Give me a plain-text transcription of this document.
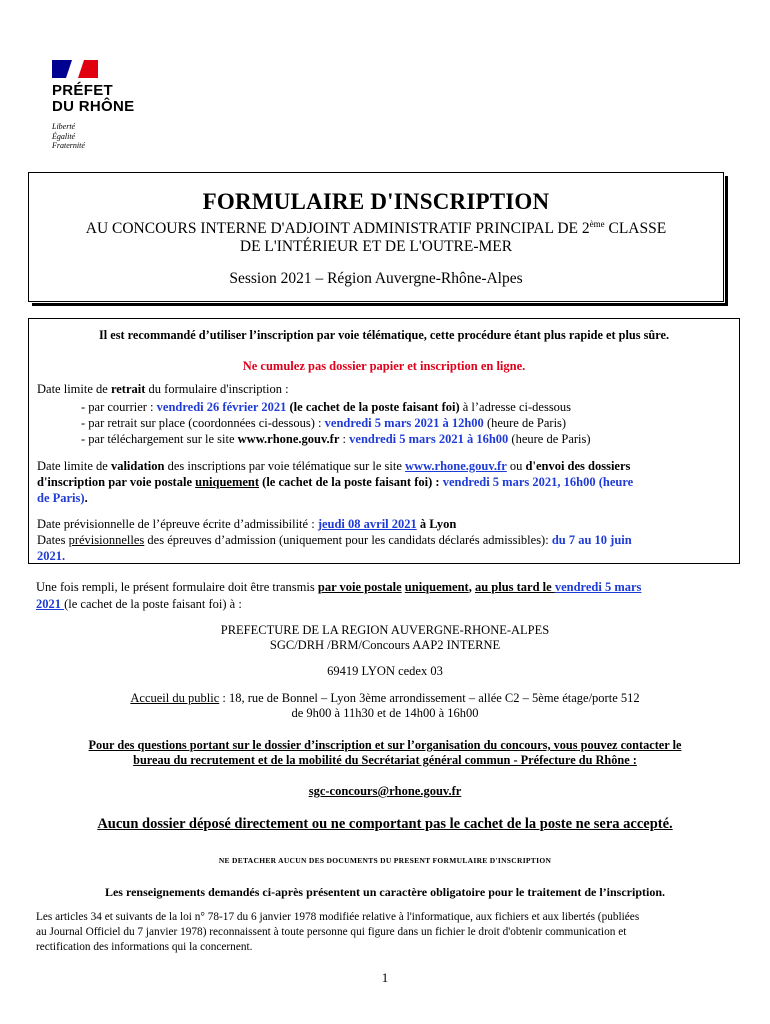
PRÉFET
DU RHÔNE
Liberté
Égalité
Fraternité
FORMULAIRE D'INSCRIPTION
AU CONCOURS INTERNE D'ADJOINT ADMINISTRATIF PRINCIPAL DE 2ème CLASSE
DE L'INTÉRIEUR ET DE L'OUTRE-MER
Session 2021 – Région Auvergne-Rhône-Alpes
Il est recommandé d’utiliser l’inscription par voie télématique, cette procédure étant plus rapide et plus sûre.
Ne cumulez pas dossier papier et inscription en ligne.
Date limite de retrait du formulaire d'inscription :
- par courrier : vendredi 26 février 2021 (le cachet de la poste faisant foi) à l’adresse ci-dessous
- par retrait sur place (coordonnées ci-dessous) : vendredi 5 mars 2021 à 12h00 (heure de Paris)
- par téléchargement sur le site www.rhone.gouv.fr : vendredi 5 mars 2021 à 16h00 (heure de Paris)
Date limite de validation des inscriptions par voie télématique sur le site www.rhone.gouv.fr ou d'envoi des dossiers
d'inscription par voie postale uniquement (le cachet de la poste faisant foi) : vendredi 5 mars 2021, 16h00 (heure
de Paris).
Date prévisionnelle de l’épreuve écrite d’admissibilité : jeudi 08 avril 2021 à Lyon
Dates prévisionnelles des épreuves d’admission (uniquement pour les candidats déclarés admissibles): du 7 au 10 juin
2021.
Une fois rempli, le présent formulaire doit être transmis par voie postale uniquement, au plus tard le vendredi 5 mars
2021 (le cachet de la poste faisant foi) à :
PREFECTURE DE LA REGION AUVERGNE-RHONE-ALPES
SGC/DRH /BRM/Concours AAP2 INTERNE
69419 LYON cedex 03
Accueil du public : 18, rue de Bonnel – Lyon 3ème arrondissement – allée C2 – 5ème étage/porte 512
de 9h00 à 11h30 et de 14h00 à 16h00
Pour des questions portant sur le dossier d’inscription et sur l’organisation du concours, vous pouvez contacter le
bureau du recrutement et de la mobilité du Secrétariat général commun - Préfecture du Rhône :
sgc-concours@rhone.gouv.fr
Aucun dossier déposé directement ou ne comportant pas le cachet de la poste ne sera accepté.
NE DETACHER AUCUN DES DOCUMENTS DU PRESENT FORMULAIRE D'INSCRIPTION
Les renseignements demandés ci-après présentent un caractère obligatoire pour le traitement de l’inscription.
Les articles 34 et suivants de la loi n° 78-17 du 6 janvier 1978 modifiée relative à l'informatique, aux fichiers et aux libertés (publiées
au Journal Officiel du 7 janvier 1978) reconnaissent à toute personne qui figure dans un fichier le droit d'obtenir communication et
rectification des informations qui la concernent.
1
